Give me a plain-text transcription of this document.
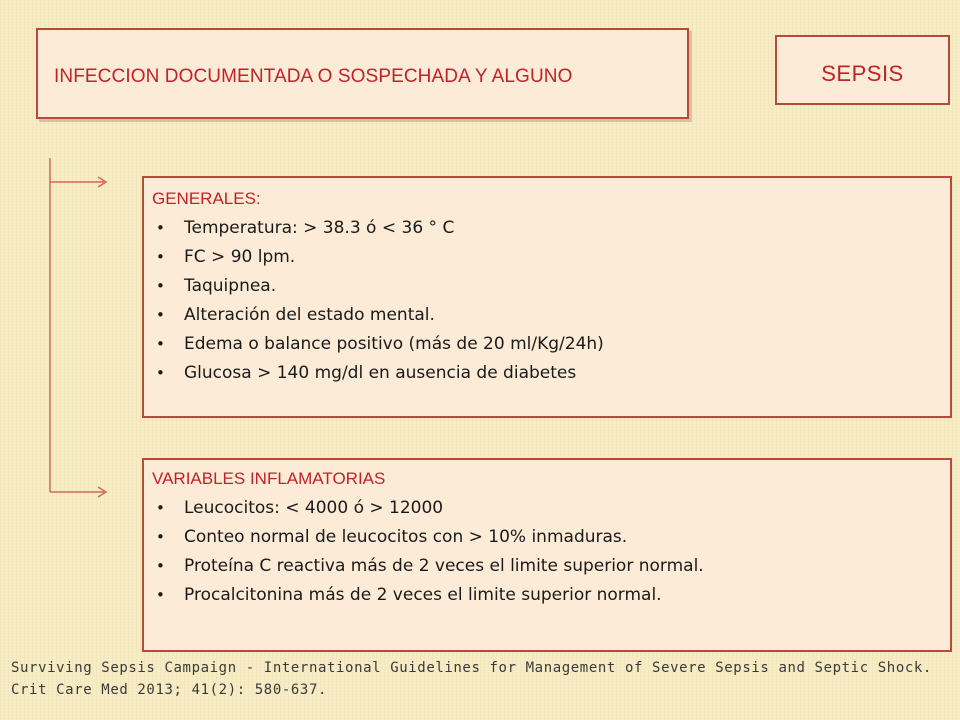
INFECCION DOCUMENTADA O SOSPECHADA Y ALGUNO	SEPSIS
GENERALES:
• Temperatura: > 38.3 ó < 36 ° C
• FC > 90 lpm.
• Taquipnea.
• Alteración del estado mental.
• Edema o balance positivo (más de 20 ml/Kg/24h)
• Glucosa > 140 mg/dl en ausencia de diabetes
VARIABLES INFLAMATORIAS
• Leucocitos: < 4000 ó > 12000
• Conteo normal de leucocitos con > 10% inmaduras.
• Proteína C reactiva más de 2 veces el limite superior normal.
• Procalcitonina más de 2 veces el limite superior normal.
Surviving Sepsis Campaign - International Guidelines for Management of Severe Sepsis and Septic Shock. Crit Care Med 2013; 41(2): 580-637.
